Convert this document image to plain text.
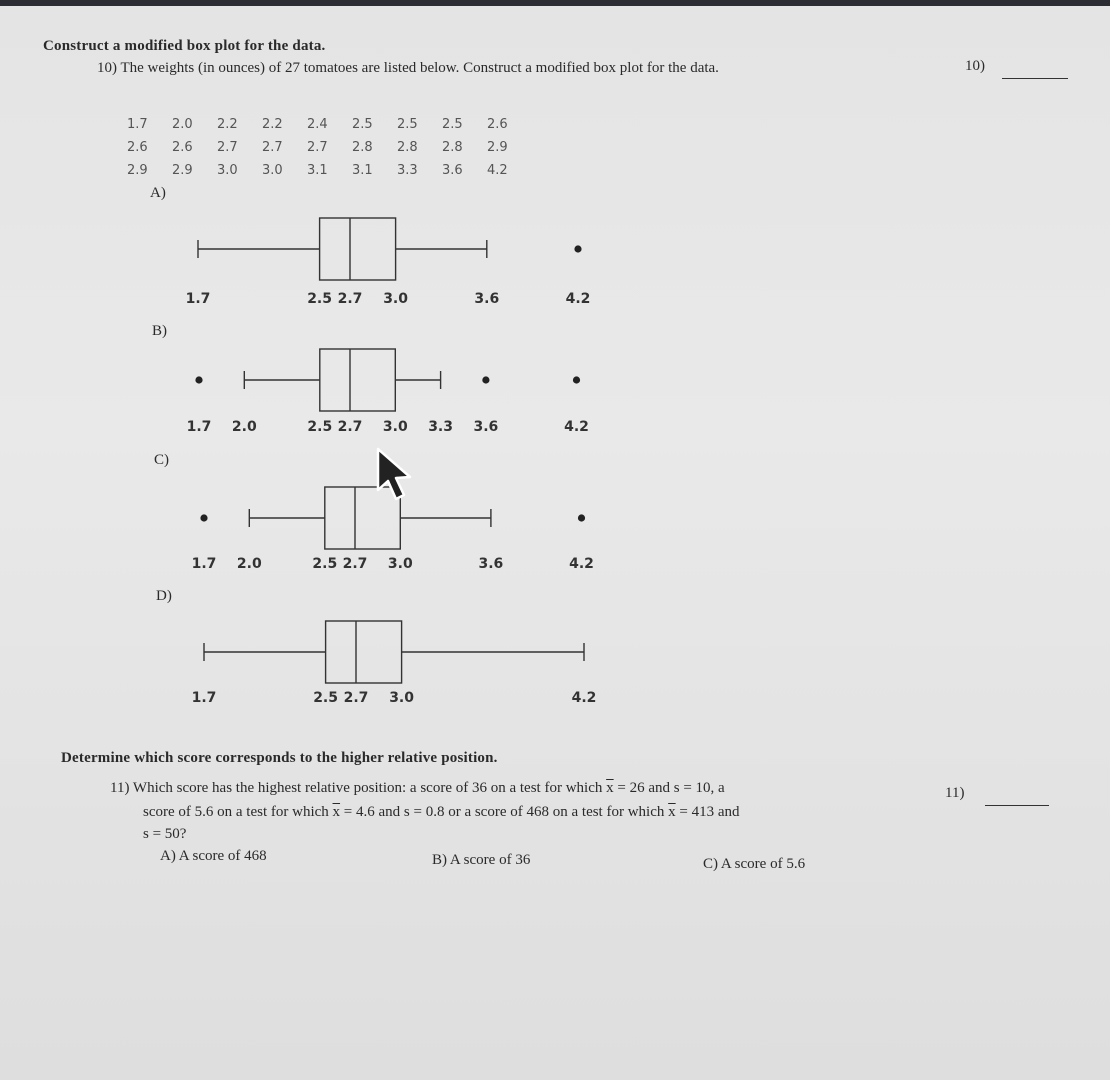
Construct a modified box plot for the data.
10) The weights (in ounces) of 27 tomatoes are listed below. Construct a modified box plot for the data.	10)
1.7 2.0 2.2 2.2 2.4 2.5 2.5 2.5 2.6
2.6 2.6 2.7 2.7 2.7 2.8 2.8 2.8 2.9
2.9 2.9 3.0 3.0 3.1 3.1 3.3 3.6 4.2
A)
B)
C)
D)
1.7	2.5 2.7 3.0	3.6	4.2
1.7 2.0	2.5 2.7 3.0 3.3 3.6	4.2
1.7 2.0	2.5 2.7 3.0	3.6	4.2
1.7	2.5 2.7 3.0	4.2
Determine which score corresponds to the higher relative position.
11) Which score has the highest relative position: a score of 36 on a test for which $\overline{x} = 26$ and s = 10, a
score of 5.6 on a test for which $\overline{x} = 4.6$ and s = 0.8 or a score of 468 on a test for which $\overline{x} = 413$ and
s = 50?
11)
A) A score of 468	B) A score of 36	C) A score of 5.6
